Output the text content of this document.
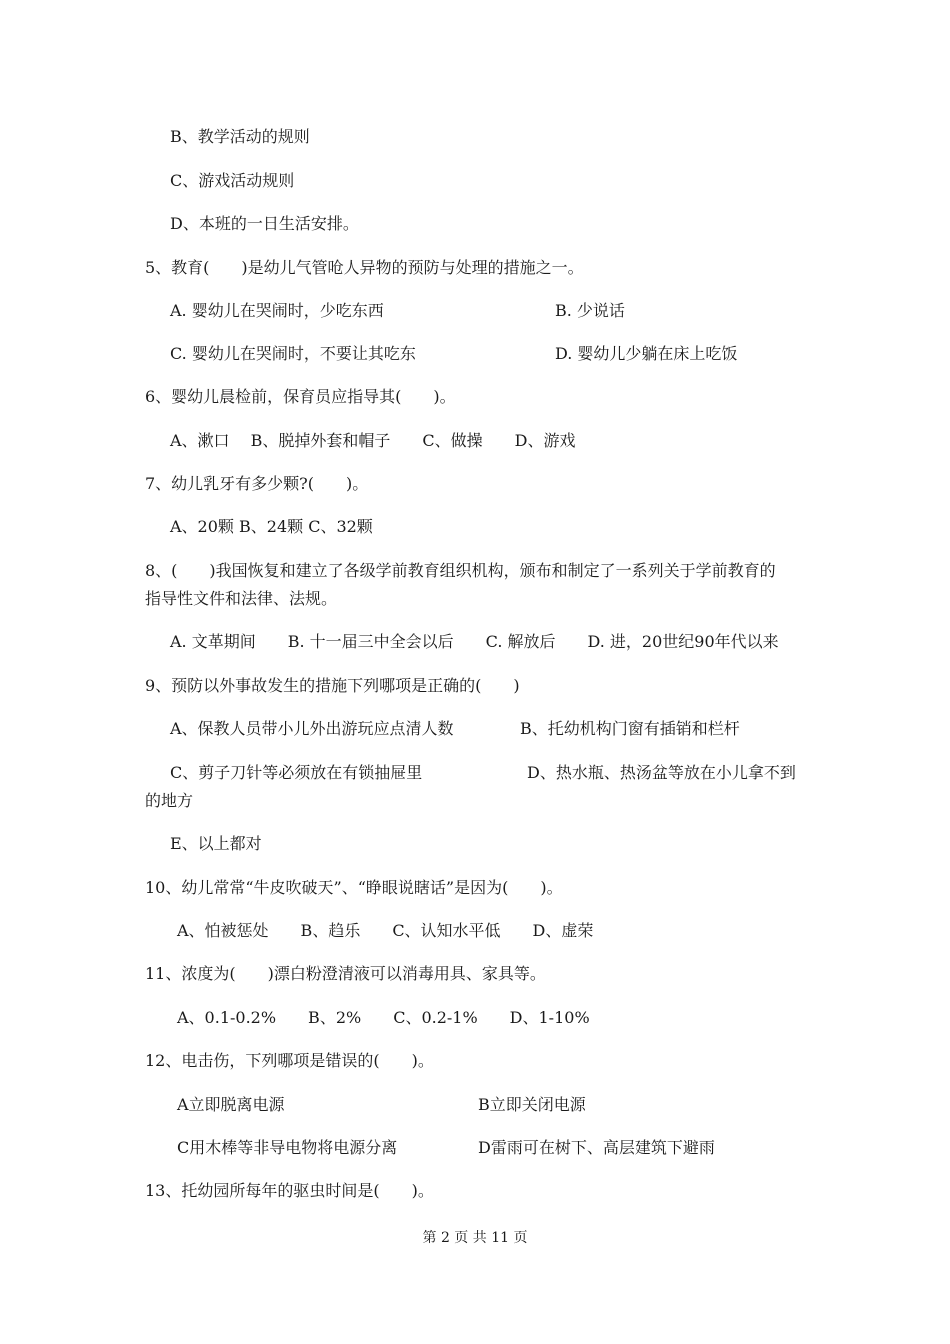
B、教学活动的规则
C、游戏活动规则
D、本班的一日生活安排。
5、教育(　　)是幼儿气管呛人异物的预防与处理的措施之一。
A. 婴幼儿在哭闹时，少吃东西	B. 少说话
C. 婴幼儿在哭闹时，不要让其吃东	D. 婴幼儿少躺在床上吃饭
6、婴幼儿晨检前，保育员应指导其(　　)。
A、漱口　 B、脱掉外套和帽子　　C、做操　　D、游戏
7、幼儿乳牙有多少颗?(　　)。
A、20颗 B、24颗 C、32颗
8、(　　)我国恢复和建立了各级学前教育组织机构，颁布和制定了一系列关于学前教育的
指导性文件和法律、法规。
A. 文革期间　　B. 十一届三中全会以后　　C. 解放后　　D. 进，20世纪90年代以来
9、预防以外事故发生的措施下列哪项是正确的(　　)
A、保教人员带小儿外出游玩应点清人数	B、托幼机构门窗有插销和栏杆
C、剪子刀针等必须放在有锁抽屉里	D、热水瓶、热汤盆等放在小儿拿不到
的地方
E、以上都对
10、幼儿常常“牛皮吹破天”、“睁眼说瞎话”是因为(　　)。
A、怕被惩处　　B、趋乐　　C、认知水平低　　D、虚荣
11、浓度为(　　)漂白粉澄清液可以消毒用具、家具等。
A、0.1-0.2%　　B、2%　　C、0.2-1%　　D、1-10%
12、电击伤，下列哪项是错误的(　　)。
A立即脱离电源	B立即关闭电源
C用木棒等非导电物将电源分离	D雷雨可在树下、高层建筑下避雨
13、托幼园所每年的驱虫时间是(　　)。
第 2 页 共 11 页
